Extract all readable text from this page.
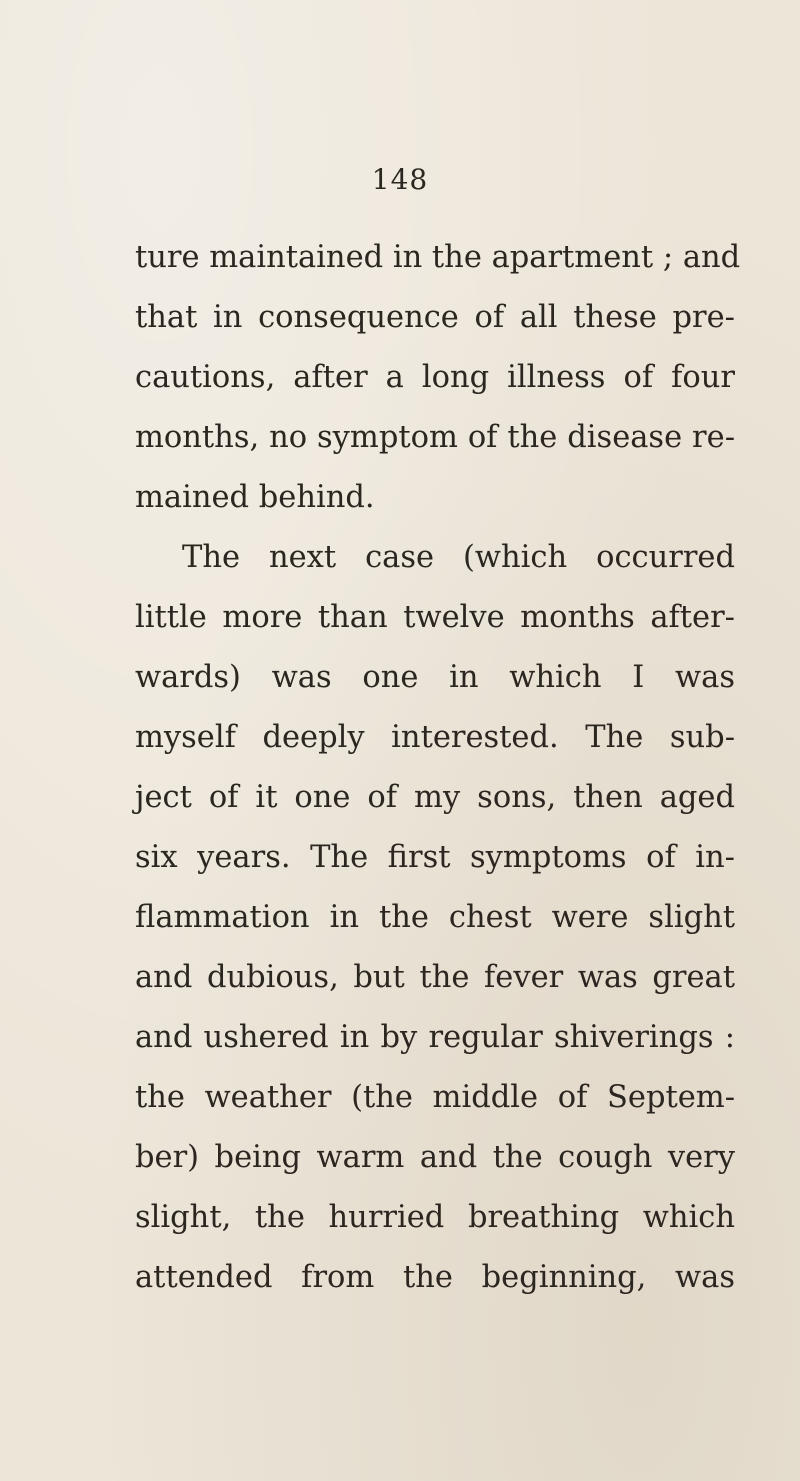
148
ture maintained in the apartment ; and
that in consequence of all these pre-
cautions, after a long illness of four
months, no symptom of the disease re-
mained behind.
The next case (which occurred
little more than twelve months after-
wards) was one in which I was
myself deeply interested. The sub-
ject of it one of my sons, then aged
six years. The first symptoms of in-
flammation in the chest were slight
and dubious, but the fever was great
and ushered in by regular shiverings :
the weather (the middle of Septem-
ber) being warm and the cough very
slight, the hurried breathing which
attended from the beginning, was
